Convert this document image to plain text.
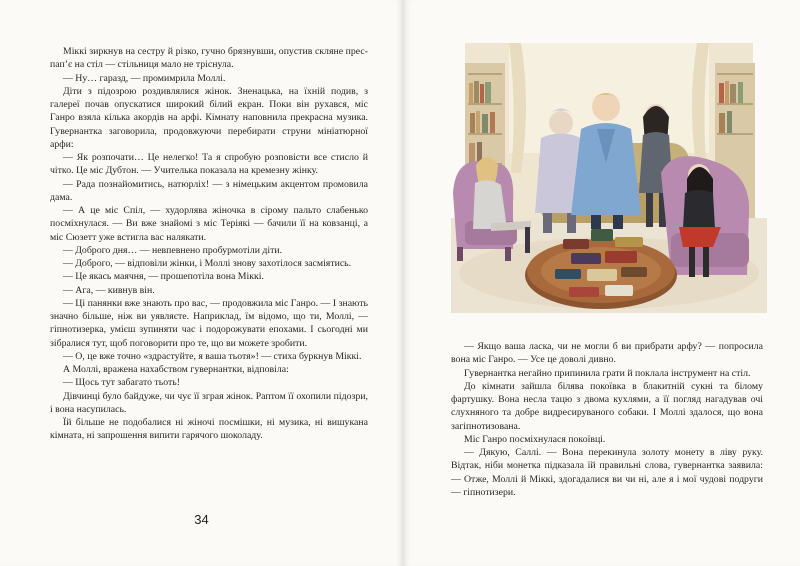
Міккі зиркнув на сестру й різко, гучно брязнувши, опустив скляне прес-пап’є на стіл — стільниця мало не тріснула.

— Ну… гаразд, — промимрила Моллі.

Діти з підозрою роздивлялися жінок. Зненацька, на їхній подив, з галереї почав опускатися широкий білий екран. Поки він рухався, міс Ганро взяла кілька акордів на арфі. Кімнату наповнила прекрасна музика. Гувернантка заговорила, продовжуючи перебирати струни мініатюрної арфи:

— Як розпочати… Це нелегко! Та я спробую розповісти все стисло й чітко. Це міс Дубтон. — Учителька показала на кремезну жінку.

— Рада познайомитись, натюрліх! — з німецьким акцентом промовила дама.

— А це міс Спіл, — худорлява жіночка в сірому пальто слабенько посміхнулася. — Ви вже знайомі з міс Теріякі — бачили її на ковзанці, а міс Сюзетт уже встигла вас налякати.

— Доброго дня… — невпевнено пробурмотіли діти.

— Доброго, — відповіли жінки, і Моллі знову захотілося засміятись.

— Це якась маячня, — прошепотіла вона Міккі.

— Ага, — кивнув він.

— Ці панянки вже знають про вас, — продовжила міс Ганро. — І знають значно більше, ніж ви уявляєте. Наприклад, їм відомо, що ти, Моллі, — гіпнотизерка, умієш зупиняти час і подорожувати епохами. І сьогодні ми зібралися тут, щоб поговорити про те, що ви можете зробити.

— О, це вже точно «здрастуйте, я ваша тьотя»! — стиха буркнув Міккі.

А Моллі, вражена нахабством гувернантки, відповіла:

— Щось тут забагато тьоть!

Дівчинці було байдуже, чи чує її зграя жінок. Раптом її охопили підозри, і вона насупилась.

Їй більше не подобалися ні жіночі посмішки, ні музика, ні вишукана кімната, ні запрошення випити гарячого шоколаду.

34

— Якщо ваша ласка, чи не могли б ви прибрати арфу? — попросила вона міс Ганро. — Усе це доволі дивно.

Гувернантка негайно припинила грати й поклала інструмент на стіл.

До кімнати зайшла білява покоївка в блакитній сукні та білому фартушку. Вона несла тацю з двома кухлями, а її погляд нагадував очі слухняного та добре видресируваного собаки. І Моллі здалося, що вона загіпнотизована.

Міс Ганро посміхнулася покоївці.

— Дякую, Саллі. — Вона перекинула золоту монету в ліву руку. Відтак, ніби монетка підказала їй правильні слова, гувернантка заявила: — Отже, Моллі й Міккі, здогадалися ви чи ні, але я і мої чудові подруги — гіпнотизери.
